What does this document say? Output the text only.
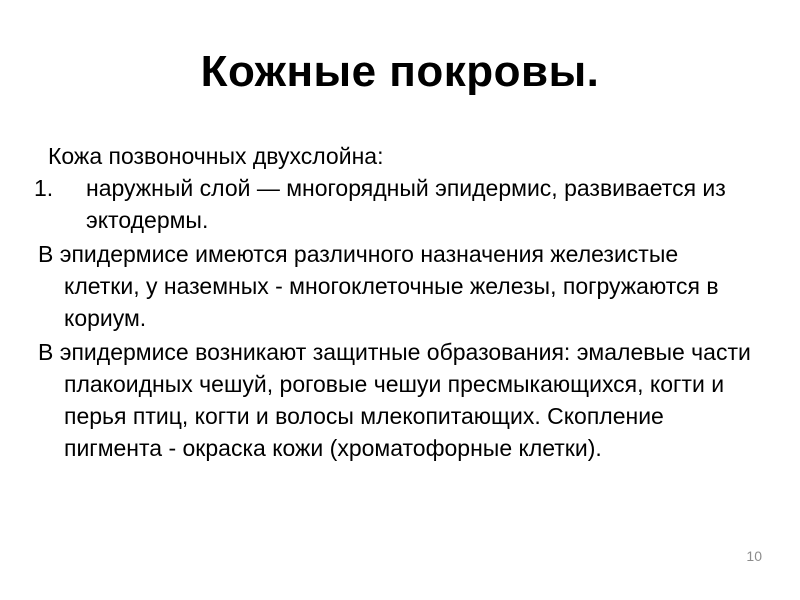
Кожные покровы.

Кожа позвоночных двухслойна:

1. наружный слой — многорядный эпидермис, развивается из эктодермы.

В эпидермисе имеются различного назначения железистые клетки, у наземных - многоклеточные железы, погружаются в кориум.

В эпидермисе возникают защитные образования: эмалевые части плакоидных чешуй, роговые чешуи пресмыкающихся, когти и перья птиц, когти и волосы млекопитающих. Скопление пигмента - окраска кожи (хроматофорные клетки).

10
